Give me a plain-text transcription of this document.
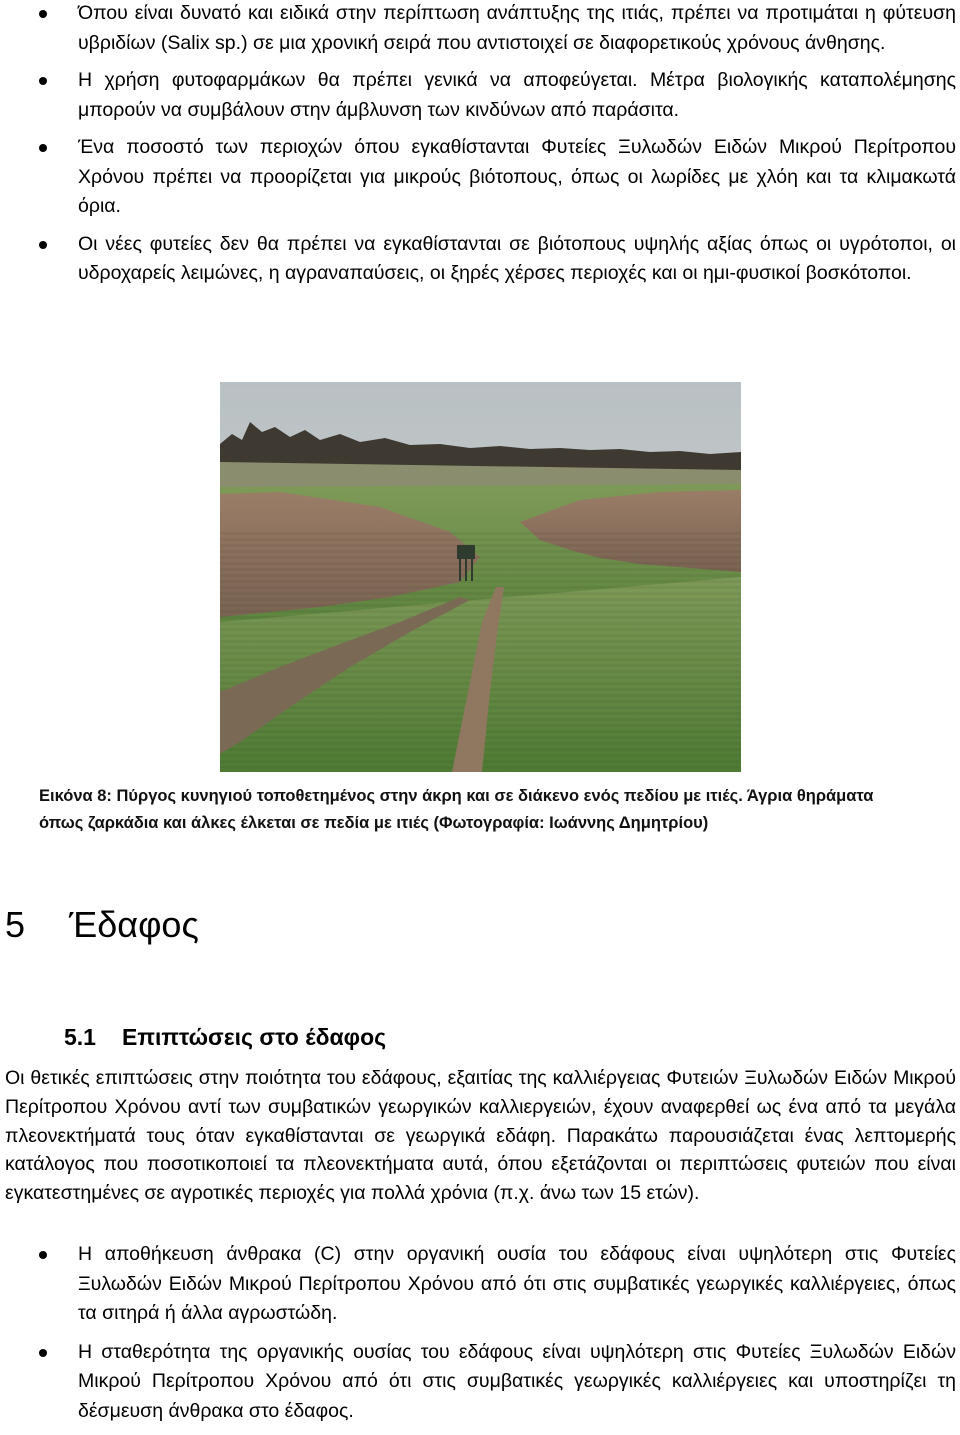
Όπου είναι δυνατό και ειδικά στην περίπτωση ανάπτυξης της ιτιάς, πρέπει να προτιμάται η φύτευση υβριδίων (Salix sp.) σε μια χρονική σειρά που αντιστοιχεί σε διαφορετικούς χρόνους άνθησης.
Η χρήση φυτοφαρμάκων θα πρέπει γενικά να αποφεύγεται. Μέτρα βιολογικής καταπολέμησης μπορούν να συμβάλουν στην άμβλυνση των κινδύνων από παράσιτα.
Ένα ποσοστό των περιοχών όπου εγκαθίστανται Φυτείες Ξυλωδών Ειδών Μικρού Περίτροπου Χρόνου πρέπει να προορίζεται για μικρούς βιότοπους, όπως οι λωρίδες με χλόη και τα κλιμακωτά όρια.
Οι νέες φυτείες δεν θα πρέπει να εγκαθίστανται σε βιότοπους υψηλής αξίας όπως οι υγρότοποι, οι υδροχαρείς λειμώνες, η αγραναπαύσεις, οι ξηρές χέρσες περιοχές και οι ημι-φυσικοί βοσκότοποι.
Εικόνα 8: Πύργος κυνηγιού τοποθετημένος στην άκρη και σε διάκενο ενός πεδίου με ιτιές. Άγρια θηράματα όπως ζαρκάδια και άλκες έλκεται σε πεδία με ιτιές (Φωτογραφία: Ιωάννης Δημητρίου)
5 Έδαφος
5.1 Επιπτώσεις στο έδαφος

Οι θετικές επιπτώσεις στην ποιότητα του εδάφους, εξαιτίας της καλλιέργειας Φυτειών Ξυλωδών Ειδών Μικρού Περίτροπου Χρόνου αντί των συμβατικών γεωργικών καλλιεργειών, έχουν αναφερθεί ως ένα από τα μεγάλα πλεονεκτήματά τους όταν εγκαθίστανται σε γεωργικά εδάφη. Παρακάτω παρουσιάζεται ένας λεπτομερής κατάλογος που ποσοτικοποιεί τα πλεονεκτήματα αυτά, όπου εξετάζονται οι περιπτώσεις φυτειών που είναι εγκατεστημένες σε αγροτικές περιοχές για πολλά χρόνια (π.χ. άνω των 15 ετών).

Η αποθήκευση άνθρακα (C) στην οργανική ουσία του εδάφους είναι υψηλότερη στις Φυτείες Ξυλωδών Ειδών Μικρού Περίτροπου Χρόνου από ότι στις συμβατικές γεωργικές καλλιέργειες, όπως τα σιτηρά ή άλλα αγρωστώδη.
Η σταθερότητα της οργανικής ουσίας του εδάφους είναι υψηλότερη στις Φυτείες Ξυλωδών Ειδών Μικρού Περίτροπου Χρόνου από ότι στις συμβατικές γεωργικές καλλιέργειες και υποστηρίζει τη δέσμευση άνθρακα στο έδαφος.
